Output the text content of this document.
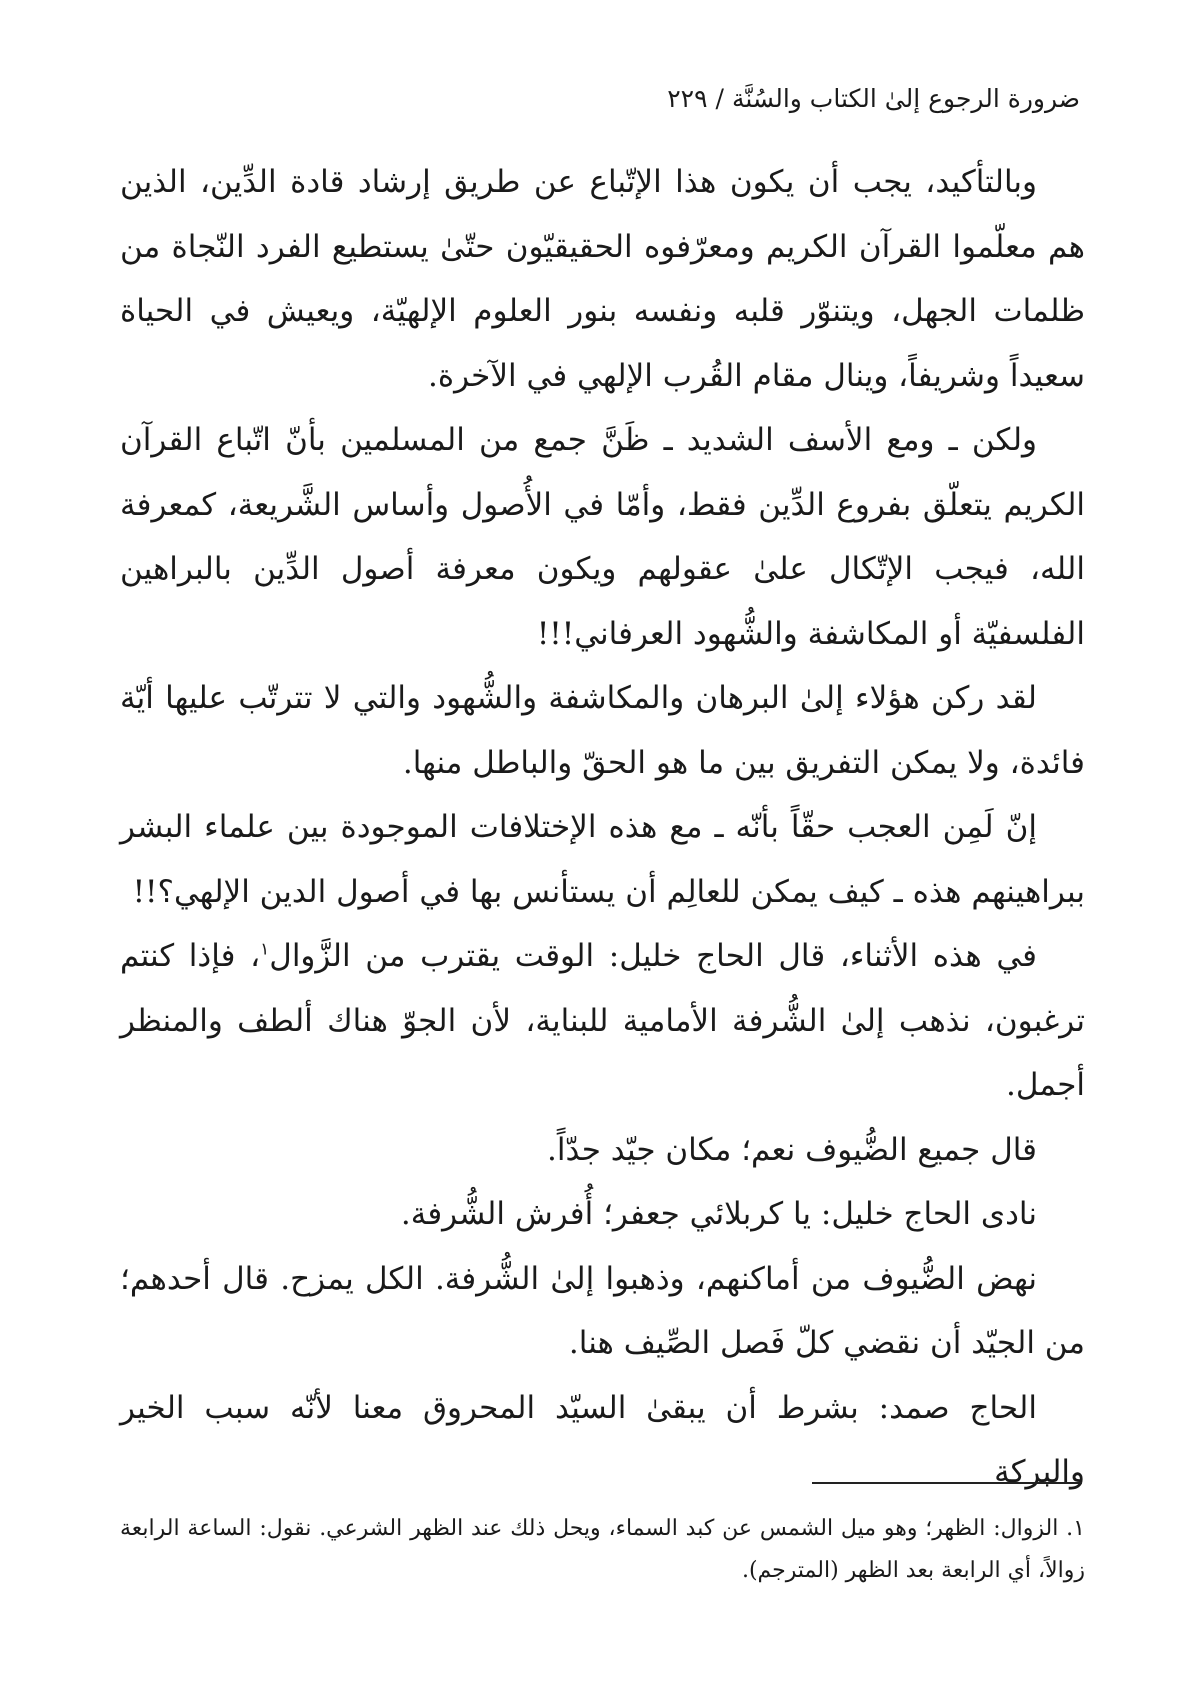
ضرورة الرجوع إلىٰ الكتاب والسُنَّة
/
٢٢٩

وبالتأكيد، يجب أن يكون هذا الإتّباع عن طريق إرشاد قادة الدِّين، الذين هم معلّموا القرآن الكريم ومعرّفوه الحقيقيّون حتّىٰ يستطيع الفرد النّجاة من ظلمات الجهل، ويتنوّر قلبه ونفسه بنور العلوم الإلهيّة، ويعيش في الحياة سعيداً وشريفاً، وينال مقام القُرب الإلهي في الآخرة.

ولكن ـ ومع الأسف الشديد ـ ظَنَّ جمع من المسلمين بأنّ اتّباع القرآن الكريم يتعلّق بفروع الدِّين فقط، وأمّا في الأُصول وأساس الشَّريعة، كمعرفة الله، فيجب الإتّكال علىٰ عقولهم ويكون معرفة أصول الدِّين بالبراهين الفلسفيّة أو المكاشفة والشُّهود العرفاني!!!

لقد ركن هؤلاء إلىٰ البرهان والمكاشفة والشُّهود والتي لا تترتّب عليها أيّة فائدة، ولا يمكن التفريق بين ما هو الحقّ والباطل منها.

إنّ لَمِن العجب حقّاً بأنّه ـ مع هذه الإختلافات الموجودة بين علماء البشر ببراهينهم هذه ـ كيف يمكن للعالِم أن يستأنس بها في أصول الدين الإلهي؟!!

في هذه الأثناء، قال الحاج خليل: الوقت يقترب من الزَّوال$^١$، فإذا كنتم ترغبون، نذهب إلىٰ الشُّرفة الأمامية للبناية، لأن الجوّ هناك ألطف والمنظر أجمل.

قال جميع الضُّيوف نعم؛ مكان جيّد جدّاً.

نادى الحاج خليل: يا كربلائي جعفر؛ أُفرش الشُّرفة.

نهض الضُّيوف من أماكنهم، وذهبوا إلىٰ الشُّرفة. الكل يمزح. قال أحدهم؛ من الجيّد أن نقضي كلّ فَصل الصِّيف هنا.

الحاج صمد: بشرط أن يبقىٰ السيّد المحروق معنا لأنّه سبب الخير والبركة

١. الزوال: الظهر؛ وهو ميل الشمس عن كبد السماء، ويحل ذلك عند الظهر الشرعي. نقول: الساعة الرابعة زوالاً، أي الرابعة بعد الظهر (المترجم).
